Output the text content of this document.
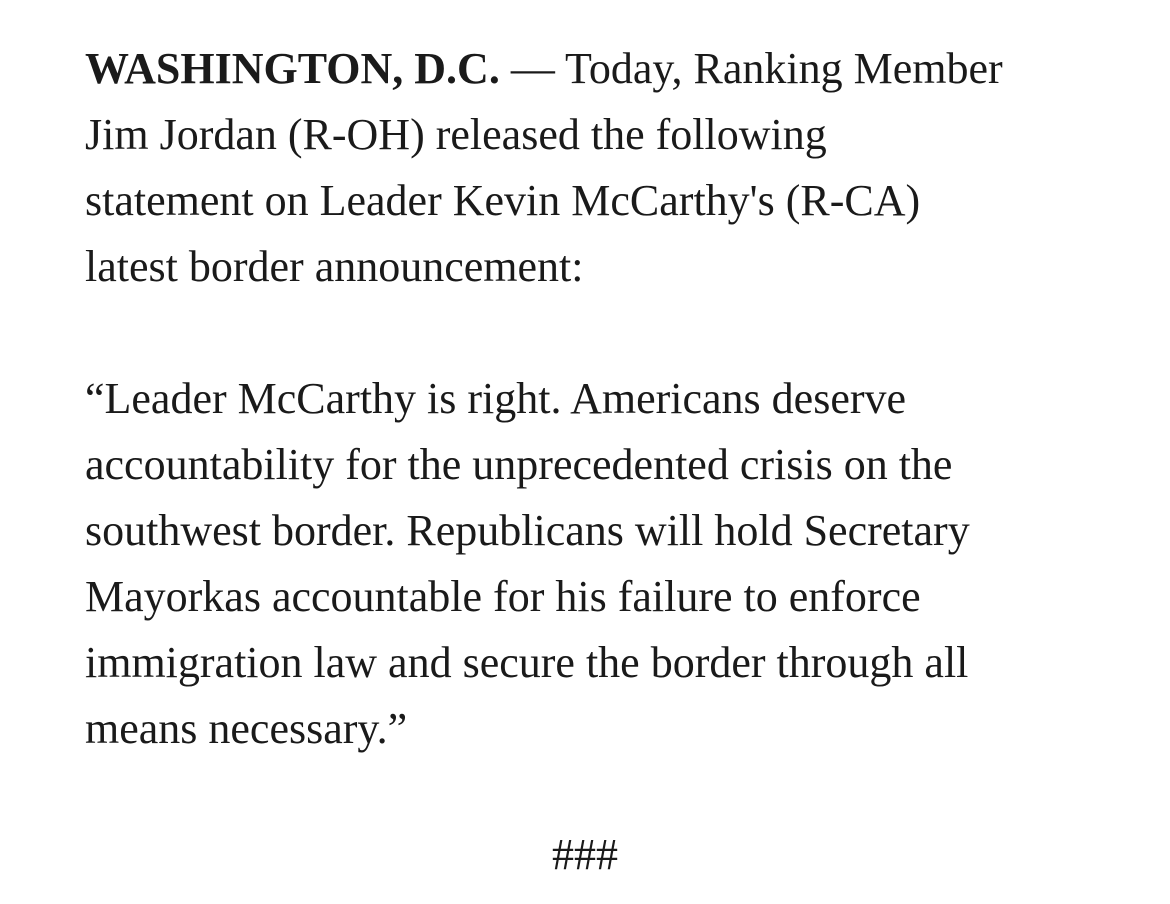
WASHINGTON, D.C. — Today, Ranking Member
Jim Jordan (R-OH) released the following
statement on Leader Kevin McCarthy's (R-CA)
latest border announcement:

“Leader McCarthy is right. Americans deserve
accountability for the unprecedented crisis on the
southwest border. Republicans will hold Secretary
Mayorkas accountable for his failure to enforce
immigration law and secure the border through all
means necessary.”

###
